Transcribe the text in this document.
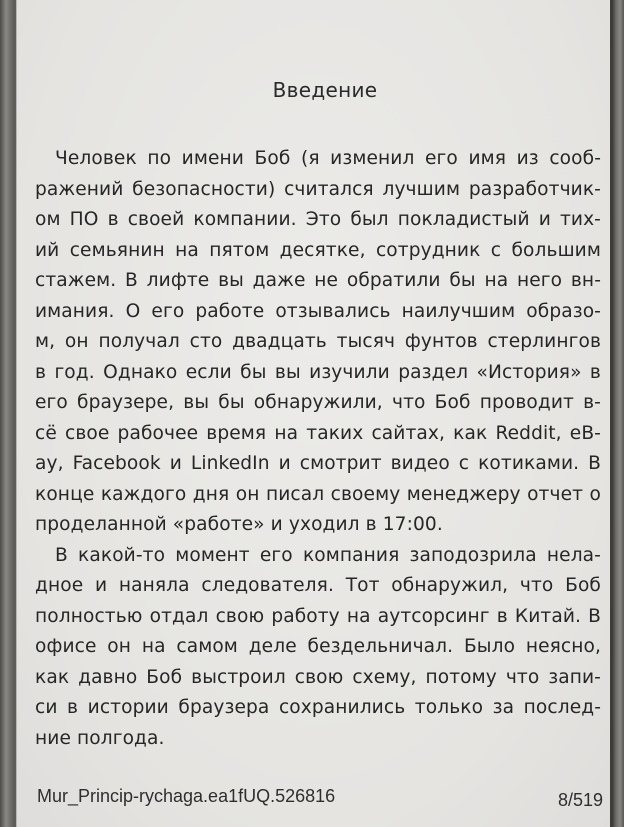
Введение
Человек по имени Боб (я изменил его имя из сооб-
ражений безопасности) считался лучшим разработчик-
ом ПО в своей компании. Это был покладистый и тих-
ий семьянин на пятом десятке, сотрудник с большим
стажем. В лифте вы даже не обратили бы на него вн-
имания. О его работе отзывались наилучшим образо-
м, он получал сто двадцать тысяч фунтов стерлингов
в год. Однако если бы вы изучили раздел «История» в
его браузере, вы бы обнаружили, что Боб проводит в-
сё свое рабочее время на таких сайтах, как Reddit, eB-
ay, Facebook и LinkedIn и смотрит видео с котиками. В
конце каждого дня он писал своему менеджеру отчет о
проделанной «работе» и уходил в 17:00.
В какой-то момент его компания заподозрила нела-
дное и наняла следователя. Тот обнаружил, что Боб
полностью отдал свою работу на аутсорсинг в Китай. В
офисе он на самом деле бездельничал. Было неясно,
как давно Боб выстроил свою схему, потому что запи-
си в истории браузера сохранились только за послед-
ние полгода.
Mur_Princip-rychaga.ea1fUQ.526816	8/519
